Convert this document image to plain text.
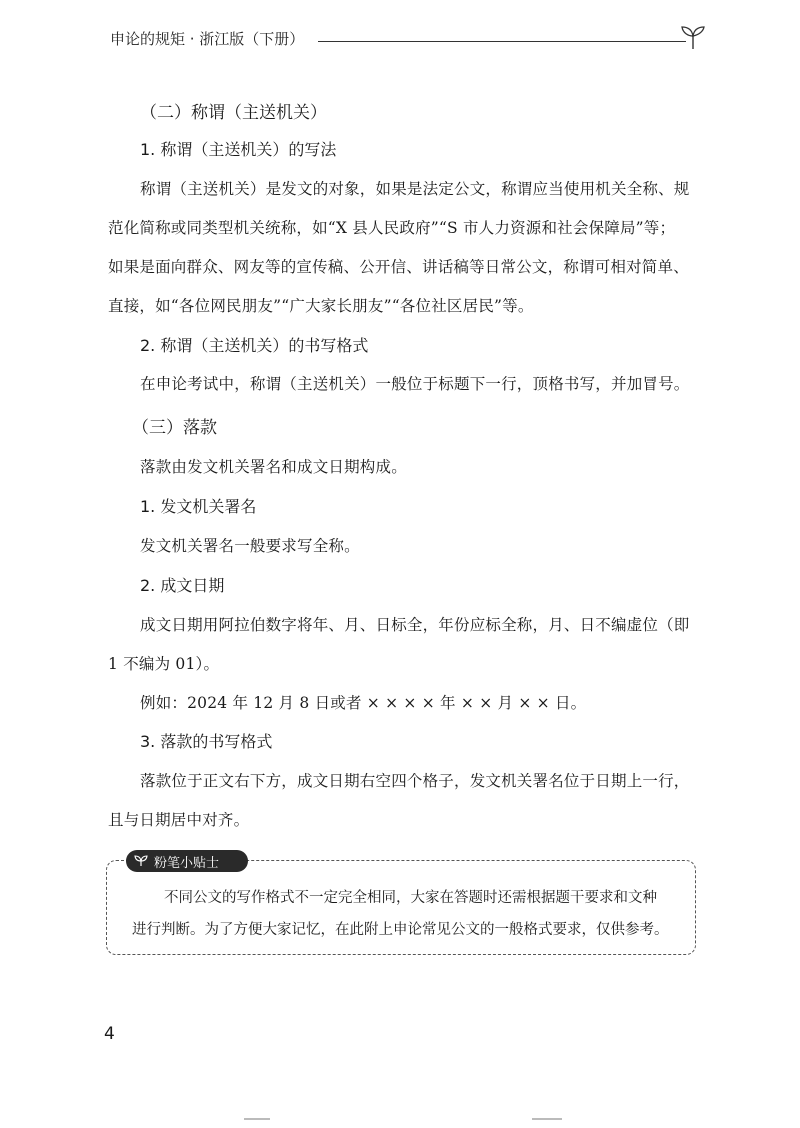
申论的规矩 · 浙江版（下册）
（二）称谓（主送机关）
1. 称谓（主送机关）的写法
称谓（主送机关）是发文的对象，如果是法定公文，称谓应当使用机关全称、规
范化简称或同类型机关统称，如“X 县人民政府”“S 市人力资源和社会保障局”等；
如果是面向群众、网友等的宣传稿、公开信、讲话稿等日常公文，称谓可相对简单、
直接，如“各位网民朋友”“广大家长朋友”“各位社区居民”等。
2. 称谓（主送机关）的书写格式
在申论考试中，称谓（主送机关）一般位于标题下一行，顶格书写，并加冒号。
（三）落款
落款由发文机关署名和成文日期构成。
1. 发文机关署名
发文机关署名一般要求写全称。
2. 成文日期
成文日期用阿拉伯数字将年、月、日标全，年份应标全称，月、日不编虚位（即
1 不编为 01）。
例如：2024 年 12 月 8 日或者 × × × × 年 × × 月 × × 日。
3. 落款的书写格式
落款位于正文右下方，成文日期右空四个格子，发文机关署名位于日期上一行，
且与日期居中对齐。
粉笔小贴士
不同公文的写作格式不一定完全相同，大家在答题时还需根据题干要求和文种
进行判断。为了方便大家记忆，在此附上申论常见公文的一般格式要求，仅供参考。
4
